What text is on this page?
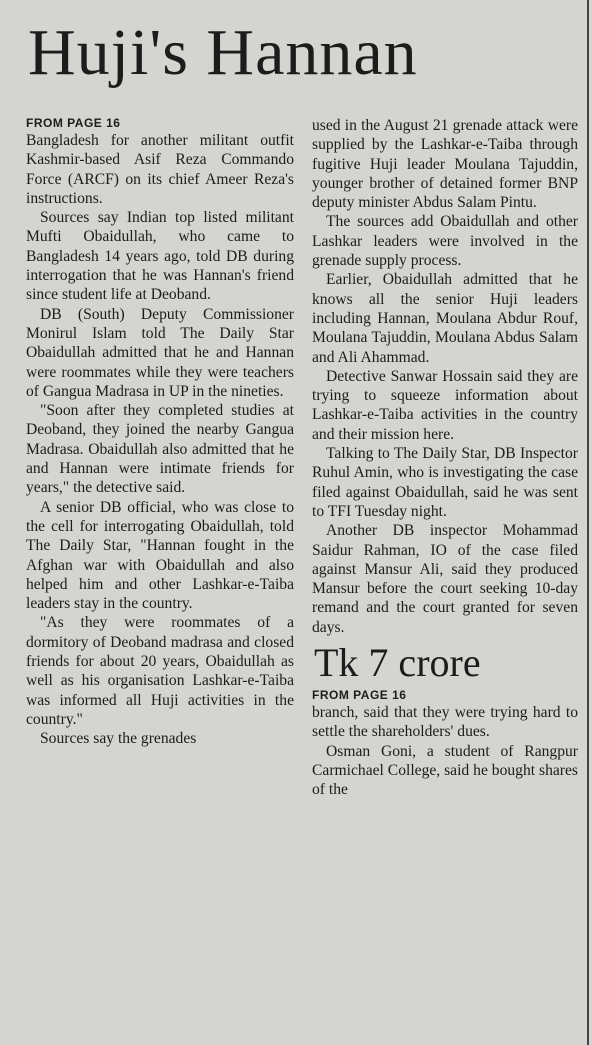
Huji's Hannan
FROM PAGE 16

Bangladesh for another militant outfit Kashmir-based Asif Reza Commando Force (ARCF) on its chief Ameer Reza's instructions.

Sources say Indian top listed militant Mufti Obaidullah, who came to Bangladesh 14 years ago, told DB during interrogation that he was Hannan's friend since student life at Deoband.

DB (South) Deputy Commissioner Monirul Islam told The Daily Star Obaidullah admitted that he and Hannan were roommates while they were teachers of Gangua Madrasa in UP in the nineties.

"Soon after they completed studies at Deoband, they joined the nearby Gangua Madrasa. Obaidullah also admitted that he and Hannan were intimate friends for years," the detective said.

A senior DB official, who was close to the cell for interrogating Obaidullah, told The Daily Star, "Hannan fought in the Afghan war with Obaidullah and also helped him and other Lashkar-e-Taiba leaders stay in the country.

"As they were roommates of a dormitory of Deoband madrasa and closed friends for about 20 years, Obaidullah as well as his organisation Lashkar-e-Taiba was informed all Huji activities in the country."

Sources say the grenades

used in the August 21 grenade attack were supplied by the Lashkar-e-Taiba through fugitive Huji leader Moulana Tajuddin, younger brother of detained former BNP deputy minister Abdus Salam Pintu.

The sources add Obaidullah and other Lashkar leaders were involved in the grenade supply process.

Earlier, Obaidullah admitted that he knows all the senior Huji leaders including Hannan, Moulana Abdur Rouf, Moulana Tajuddin, Moulana Abdus Salam and Ali Ahammad.

Detective Sanwar Hossain said they are trying to squeeze information about Lashkar-e-Taiba activities in the country and their mission here.

Talking to The Daily Star, DB Inspector Ruhul Amin, who is investigating the case filed against Obaidullah, said he was sent to TFI Tuesday night.

Another DB inspector Mohammad Saidur Rahman, IO of the case filed against Mansur Ali, said they produced Mansur before the court seeking 10-day remand and the court granted for seven days.

Tk 7 crore
FROM PAGE 16

branch, said that they were trying hard to settle the shareholders' dues.

Osman Goni, a student of Rangpur Carmichael College, said he bought shares of the
